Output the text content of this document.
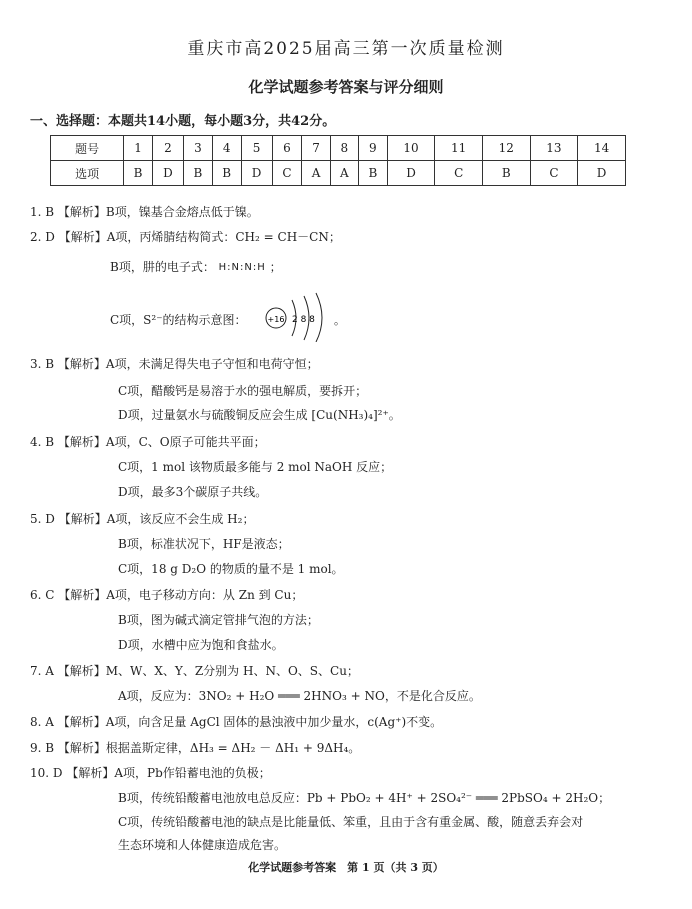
重庆市高2025届高三第一次质量检测
化学试题参考答案与评分细则
一、选择题：本题共14小题，每小题3分，共42分。
题号	1	2	3	4	5	6	7	8	9	10	11	12	13	14
选项	B	D	B	B	D	C	A	A	B	D	C	B	C	D
1. B 【解析】B项，镍基合金熔点低于镍。
2. D 【解析】A项，丙烯腈结构简式：CH₂ = CH－CN；
B项，肼的电子式： H:N:N:H ；
C项，S²⁻的结构示意图：	+16 2 8 8 。
3. B 【解析】A项，未满足得失电子守恒和电荷守恒；
C项，醋酸钙是易溶于水的强电解质，要拆开；
D项，过量氨水与硫酸铜反应会生成 [Cu(NH₃)₄]²⁺。
4. B 【解析】A项，C、O原子可能共平面；
C项，1 mol 该物质最多能与 2 mol NaOH 反应；
D项，最多3个碳原子共线。
5. D 【解析】A项，该反应不会生成 H₂；
B项，标准状况下，HF是液态；
C项，18 g D₂O 的物质的量不是 1 mol。
6. C 【解析】A项，电子移动方向：从 Zn 到 Cu；
B项，图为碱式滴定管排气泡的方法；
D项，水槽中应为饱和食盐水。
7. A 【解析】M、W、X、Y、Z分别为 H、N、O、S、Cu；
A项，反应为：3NO₂ + H₂O ═══ 2HNO₃ + NO，不是化合反应。
8. A 【解析】A项，向含足量 AgCl 固体的悬浊液中加少量水，c(Ag⁺)不变。
9. B 【解析】根据盖斯定律，ΔH₃ = ΔH₂ － ΔH₁ + 9ΔH₄。
10. D 【解析】A项，Pb作铅蓄电池的负极；
B项，传统铅酸蓄电池放电总反应：Pb + PbO₂ + 4H⁺ + 2SO₄²⁻ ═══ 2PbSO₄ + 2H₂O；
C项，传统铅酸蓄电池的缺点是比能量低、笨重，且由于含有重金属、酸，随意丢弃会对
生态环境和人体健康造成危害。
化学试题参考答案　第 1 页（共 3 页）
